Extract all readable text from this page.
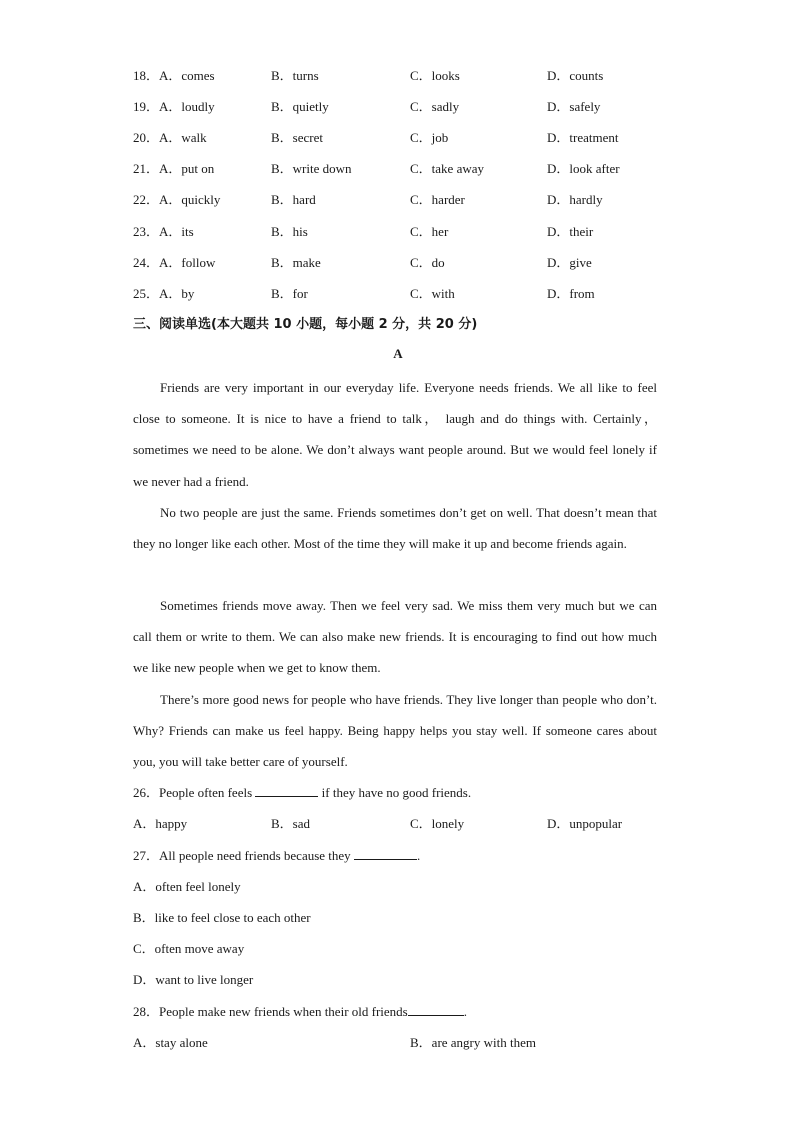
18．A．comes	B．turns	C．looks	D．counts
19．A．loudly	B．quietly	C．sadly	D．safely
20．A．walk	B．secret	C．job	D．treatment
21．A．put on	B．write down	C．take away	D．look after
22．A．quickly	B．hard	C．harder	D．hardly
23．A．its	B．his	C．her	D．their
24．A．follow	B．make	C．do	D．give
25．A．by	B．for	C．with	D．from
三、阅读单选(本大题共 10 小题，每小题 2 分，共 20 分)
A

Friends are very important in our everyday life. Everyone needs friends. We all like to feel close to someone. It is nice to have a friend to talk， laugh and do things with. Certainly， sometimes we need to be alone. We don’t always want people around. But we would feel lonely if we never had a friend.

No two people are just the same. Friends sometimes don’t get on well. That doesn’t mean that they no longer like each other. Most of the time they will make it up and become friends again.

Sometimes friends move away. Then we feel very sad. We miss them very much but we can call them or write to them. We can also make new friends. It is encouraging to find out how much we like new people when we get to know them.

There’s more good news for people who have friends. They live longer than people who don’t. Why? Friends can make us feel happy. Being happy helps you stay well. If someone cares about you, you will take better care of yourself.

26．People often feels	if they have no good friends.
A．happy	B．sad	C．lonely	D．unpopular
27．All people need friends because they	.
A．often feel lonely
B．like to feel close to each other
C．often move away
D．want to live longer
28．People make new friends when their old friends	.
A．stay alone	B．are angry with them
